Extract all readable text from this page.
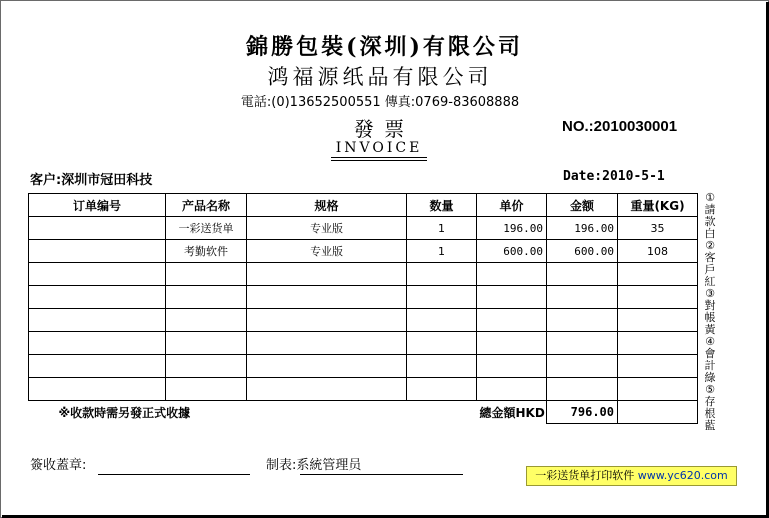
錦勝包裝(深圳)有限公司
鸿福源纸品有限公司
電話:(0)13652500551 傳真:0769-83608888
發 票
INVOICE
NO.:2010030001
客户:深圳市冠田科技	Date:2010-5-1
订单编号	产品名称	规格	数量	单价	金额	重量(KG)
	一彩送货单	专业版	1	196.00	196.00	35
	考勤软件	专业版	1	600.00	600.00	108

※收款時需另發正式收據				總金額HKD	796.00	
①請款白②客戶紅③對帳黃④會計綠⑤存根藍
簽收蓋章:	制表:系統管理员
一彩送货单打印软件 www.yc620.com
